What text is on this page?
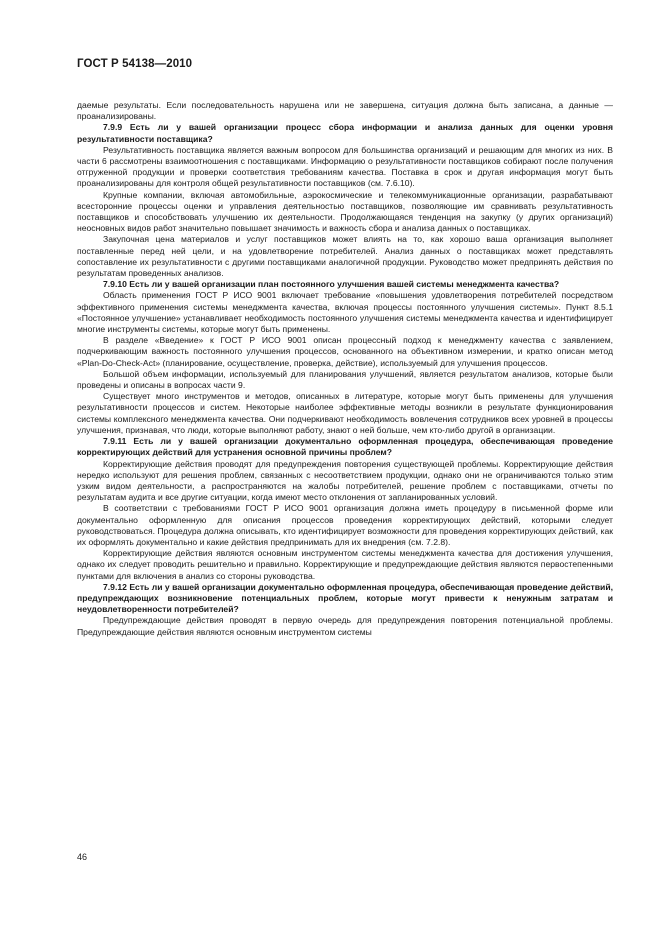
ГОСТ Р 54138—2010

даемые результаты. Если последовательность нарушена или не завершена, ситуация должна быть записана, а данные — проанализированы.

7.9.9 Есть ли у вашей организации процесс сбора информации и анализа данных для оценки уровня результативности поставщика?

Результативность поставщика является важным вопросом для большинства организаций и решающим для многих из них. В части 6 рассмотрены взаимоотношения с поставщиками. Информацию о результативности поставщиков собирают после получения отгруженной продукции и проверки соответствия требованиям качества. Поставка в срок и другая информация могут быть проанализированы для контроля общей результативности поставщиков (см. 7.6.10).

Крупные компании, включая автомобильные, аэрокосмические и телекоммуникационные организации, разрабатывают всесторонние процессы оценки и управления деятельностью поставщиков, позволяющие им сравнивать результативность поставщиков и способствовать улучшению их деятельности. Продолжающаяся тенденция на закупку (у других организаций) неосновных видов работ значительно повышает значимость и важность сбора и анализа данных о поставщиках.

Закупочная цена материалов и услуг поставщиков может влиять на то, как хорошо ваша организация выполняет поставленные перед ней цели, и на удовлетворение потребителей. Анализ данных о поставщиках может представлять сопоставление их результативности с другими поставщиками аналогичной продукции. Руководство может предпринять действия по результатам проведенных анализов.

7.9.10 Есть ли у вашей организации план постоянного улучшения вашей системы менеджмента качества?

Область применения ГОСТ Р ИСО 9001 включает требование «повышения удовлетворения потребителей посредством эффективного применения системы менеджмента качества, включая процессы постоянного улучшения системы». Пункт 8.5.1 «Постоянное улучшение» устанавливает необходимость постоянного улучшения системы менеджмента качества и идентифицирует многие инструменты системы, которые могут быть применены.

В разделе «Введение» к ГОСТ Р ИСО 9001 описан процессный подход к менеджменту качества с заявлением, подчеркивающим важность постоянного улучшения процессов, основанного на объективном измерении, и кратко описан метод «Plan-Do-Check-Act» (планирование, осуществление, проверка, действие), используемый для улучшения процессов.

Большой объем информации, используемый для планирования улучшений, является результатом анализов, которые были проведены и описаны в вопросах части 9.

Существует много инструментов и методов, описанных в литературе, которые могут быть применены для улучшения результативности процессов и систем. Некоторые наиболее эффективные методы возникли в результате функционирования системы комплексного менеджмента качества. Они подчеркивают необходимость вовлечения сотрудников всех уровней в процессы улучшения, признавая, что люди, которые выполняют работу, знают о ней больше, чем кто-либо другой в организации.

7.9.11 Есть ли у вашей организации документально оформленная процедура, обеспечивающая проведение корректирующих действий для устранения основной причины проблем?

Корректирующие действия проводят для предупреждения повторения существующей проблемы. Корректирующие действия нередко используют для решения проблем, связанных с несоответствием продукции, однако они не ограничиваются только этим узким видом деятельности, а распространяются на жалобы потребителей, решение проблем с поставщиками, отчеты по результатам аудита и все другие ситуации, когда имеют место отклонения от запланированных условий.

В соответствии с требованиями ГОСТ Р ИСО 9001 организация должна иметь процедуру в письменной форме или документально оформленную для описания процессов проведения корректирующих действий, которыми следует руководствоваться. Процедура должна описывать, кто идентифицирует возможности для проведения корректирующих действий, как их оформлять документально и какие действия предпринимать для их внедрения (см. 7.2.8).

Корректирующие действия являются основным инструментом системы менеджмента качества для достижения улучшения, однако их следует проводить решительно и правильно. Корректирующие и предупреждающие действия являются первостепенными пунктами для включения в анализ со стороны руководства.

7.9.12 Есть ли у вашей организации документально оформленная процедура, обеспечивающая проведение действий, предупреждающих возникновение потенциальных проблем, которые могут привести к ненужным затратам и неудовлетворенности потребителей?

Предупреждающие действия проводят в первую очередь для предупреждения повторения потенциальной проблемы. Предупреждающие действия являются основным инструментом системы

46
